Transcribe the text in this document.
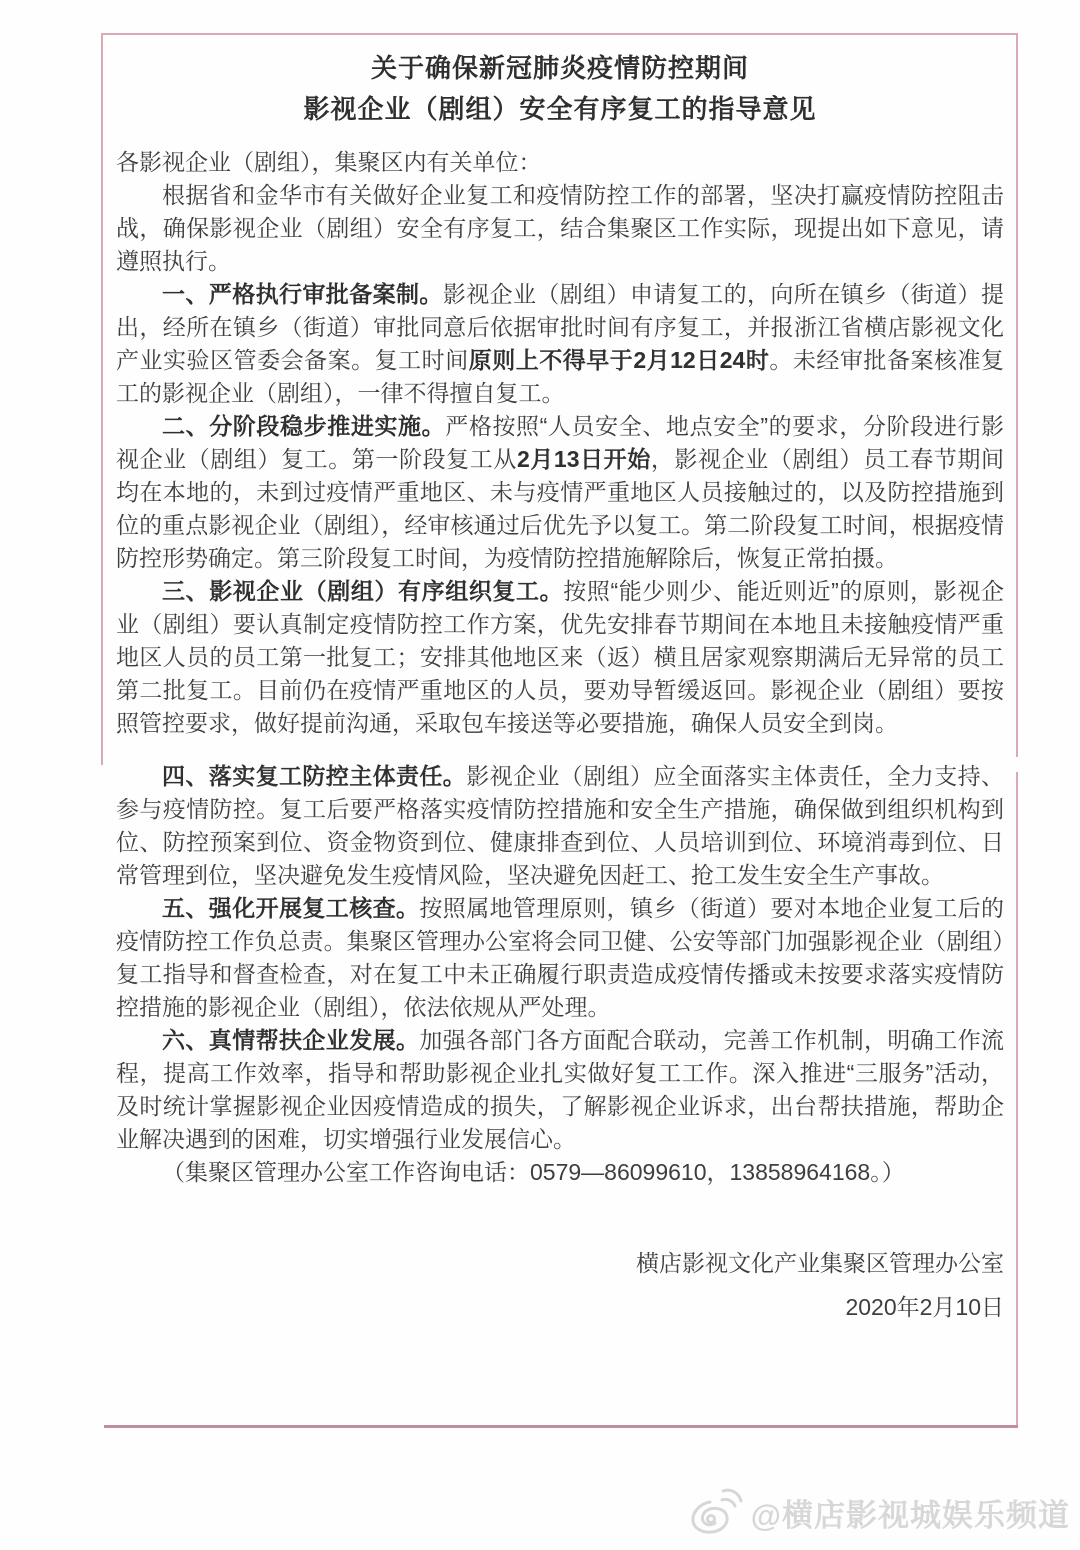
关于确保新冠肺炎疫情防控期间
影视企业（剧组）安全有序复工的指导意见

各影视企业（剧组），集聚区内有关单位：

根据省和金华市有关做好企业复工和疫情防控工作的部署，坚决打赢疫情防控阻击战，确保影视企业（剧组）安全有序复工，结合集聚区工作实际，现提出如下意见，请遵照执行。

一、严格执行审批备案制。影视企业（剧组）申请复工的，向所在镇乡（街道）提出，经所在镇乡（街道）审批同意后依据审批时间有序复工，并报浙江省横店影视文化产业实验区管委会备案。复工时间原则上不得早于2月12日24时。未经审批备案核准复工的影视企业（剧组），一律不得擅自复工。

二、分阶段稳步推进实施。严格按照“人员安全、地点安全”的要求，分阶段进行影视企业（剧组）复工。第一阶段复工从2月13日开始，影视企业（剧组）员工春节期间均在本地的，未到过疫情严重地区、未与疫情严重地区人员接触过的，以及防控措施到位的重点影视企业（剧组），经审核通过后优先予以复工。第二阶段复工时间，根据疫情防控形势确定。第三阶段复工时间，为疫情防控措施解除后，恢复正常拍摄。

三、影视企业（剧组）有序组织复工。按照“能少则少、能近则近”的原则，影视企业（剧组）要认真制定疫情防控工作方案，优先安排春节期间在本地且未接触疫情严重地区人员的员工第一批复工；安排其他地区来（返）横且居家观察期满后无异常的员工第二批复工。目前仍在疫情严重地区的人员，要劝导暂缓返回。影视企业（剧组）要按照管控要求，做好提前沟通，采取包车接送等必要措施，确保人员安全到岗。

四、落实复工防控主体责任。影视企业（剧组）应全面落实主体责任，全力支持、参与疫情防控。复工后要严格落实疫情防控措施和安全生产措施，确保做到组织机构到位、防控预案到位、资金物资到位、健康排查到位、人员培训到位、环境消毒到位、日常管理到位，坚决避免发生疫情风险，坚决避免因赶工、抢工发生安全生产事故。

五、强化开展复工核查。按照属地管理原则，镇乡（街道）要对本地企业复工后的疫情防控工作负总责。集聚区管理办公室将会同卫健、公安等部门加强影视企业（剧组）复工指导和督查检查，对在复工中未正确履行职责造成疫情传播或未按要求落实疫情防控措施的影视企业（剧组），依法依规从严处理。

六、真情帮扶企业发展。加强各部门各方面配合联动，完善工作机制，明确工作流程，提高工作效率，指导和帮助影视企业扎实做好复工工作。深入推进“三服务”活动，及时统计掌握影视企业因疫情造成的损失，了解影视企业诉求，出台帮扶措施，帮助企业解决遇到的困难，切实增强行业发展信心。

（集聚区管理办公室工作咨询电话：0579—86099610，13858964168。）

横店影视文化产业集聚区管理办公室
2020年2月10日
@横店影视城娱乐频道
